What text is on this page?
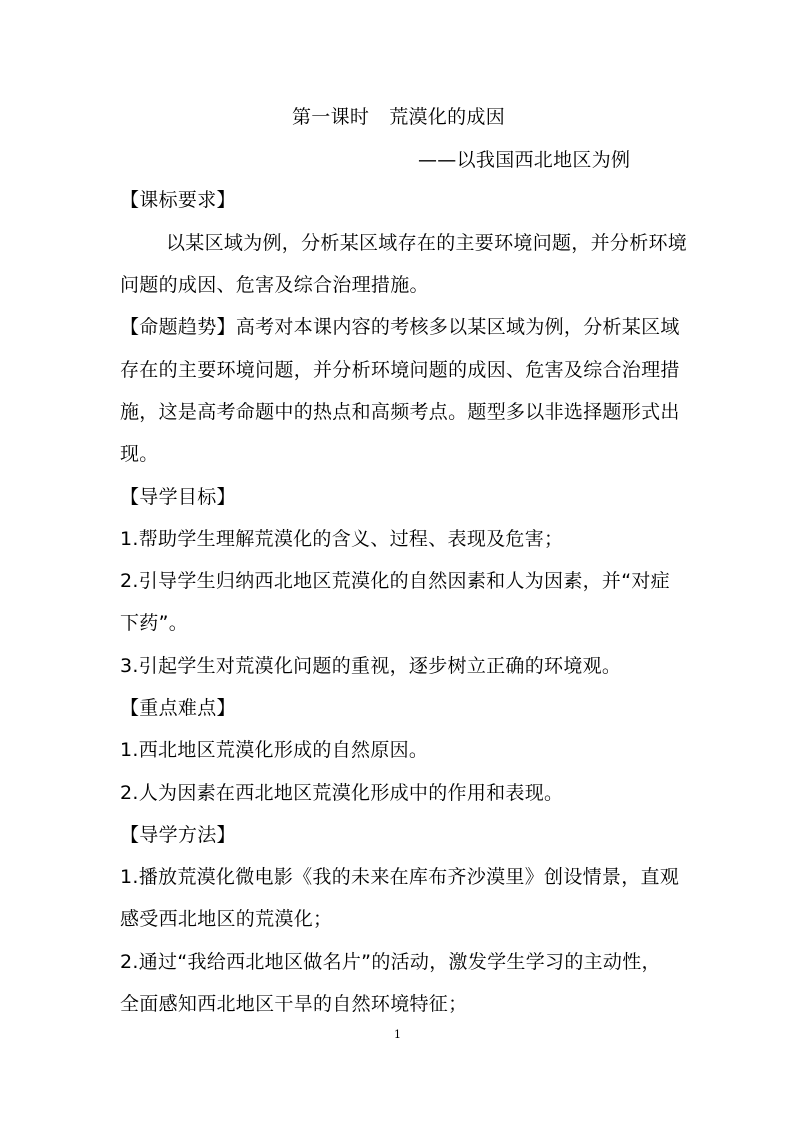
第一课时 荒漠化的成因
——以我国西北地区为例
【课标要求】
以某区域为例，分析某区域存在的主要环境问题，并分析环境
问题的成因、危害及综合治理措施。
【命题趋势】高考对本课内容的考核多以某区域为例，分析某区域
存在的主要环境问题，并分析环境问题的成因、危害及综合治理措
施，这是高考命题中的热点和高频考点。题型多以非选择题形式出
现。
【导学目标】
1.帮助学生理解荒漠化的含义、过程、表现及危害；
2.引导学生归纳西北地区荒漠化的自然因素和人为因素，并“对症
下药”。
3.引起学生对荒漠化问题的重视，逐步树立正确的环境观。
【重点难点】
1.西北地区荒漠化形成的自然原因。
2.人为因素在西北地区荒漠化形成中的作用和表现。
【导学方法】
1.播放荒漠化微电影《我的未来在库布齐沙漠里》创设情景，直观
感受西北地区的荒漠化；
2.通过“我给西北地区做名片”的活动，激发学生学习的主动性，
全面感知西北地区干旱的自然环境特征；
1
